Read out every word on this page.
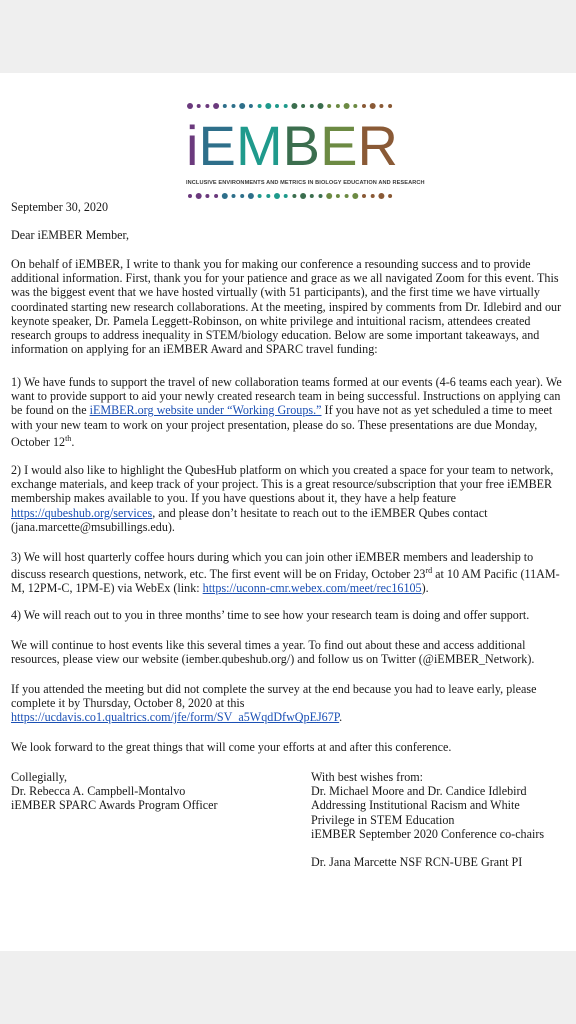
i E M B E R
INCLUSIVE ENVIRONMENTS AND METRICS IN BIOLOGY EDUCATION AND RESEARCH
September 30, 2020
Dear iEMBER Member,

On behalf of iEMBER, I write to thank you for making our conference a resounding success and to provide additional information. First, thank you for your patience and grace as we all navigated Zoom for this event. This was the biggest event that we have hosted virtually (with 51 participants), and the first time we have virtually coordinated starting new research collaborations. At the meeting, inspired by comments from Dr. Idlebird and our keynote speaker, Dr. Pamela Leggett-Robinson, on white privilege and intuitional racism, attendees created research groups to address inequality in STEM/biology education. Below are some important takeaways, and information on applying for an iEMBER Award and SPARC travel funding:

1) We have funds to support the travel of new collaboration teams formed at our events (4-6 teams each year). We want to provide support to aid your newly created research team in being successful. Instructions on applying can be found on the iEMBER.org website under “Working Groups.” If you have not as yet scheduled a time to meet with your new team to work on your project presentation, please do so. These presentations are due Monday, October 12th.

2) I would also like to highlight the QubesHub platform on which you created a space for your team to network, exchange materials, and keep track of your project. This is a great resource/subscription that your free iEMBER membership makes available to you. If you have questions about it, they have a help feature https://qubeshub.org/services, and please don’t hesitate to reach out to the iEMBER Qubes contact (jana.marcette@msubillings.edu).

3) We will host quarterly coffee hours during which you can join other iEMBER members and leadership to discuss research questions, network, etc. The first event will be on Friday, October 23rd at 10 AM Pacific (11AM-M, 12PM-C, 1PM-E) via WebEx (link: https://uconn-cmr.webex.com/meet/rec16105).

4) We will reach out to you in three months’ time to see how your research team is doing and offer support.

We will continue to host events like this several times a year. To find out about these and access additional resources, please view our website (iember.qubeshub.org/) and follow us on Twitter (@iEMBER_Network).

If you attended the meeting but did not complete the survey at the end because you had to leave early, please complete it by Thursday, October 8, 2020 at this https://ucdavis.co1.qualtrics.com/jfe/form/SV_a5WqdDfwQpEJ67P.

We look forward to the great things that will come your efforts at and after this conference.

Collegially,
Dr. Rebecca A. Campbell-Montalvo
iEMBER SPARC Awards Program Officer
With best wishes from:
Dr. Michael Moore and Dr. Candice Idlebird
Addressing Institutional Racism and White
Privilege in STEM Education
iEMBER September 2020 Conference co-chairs
Dr. Jana Marcette NSF RCN-UBE Grant PI
